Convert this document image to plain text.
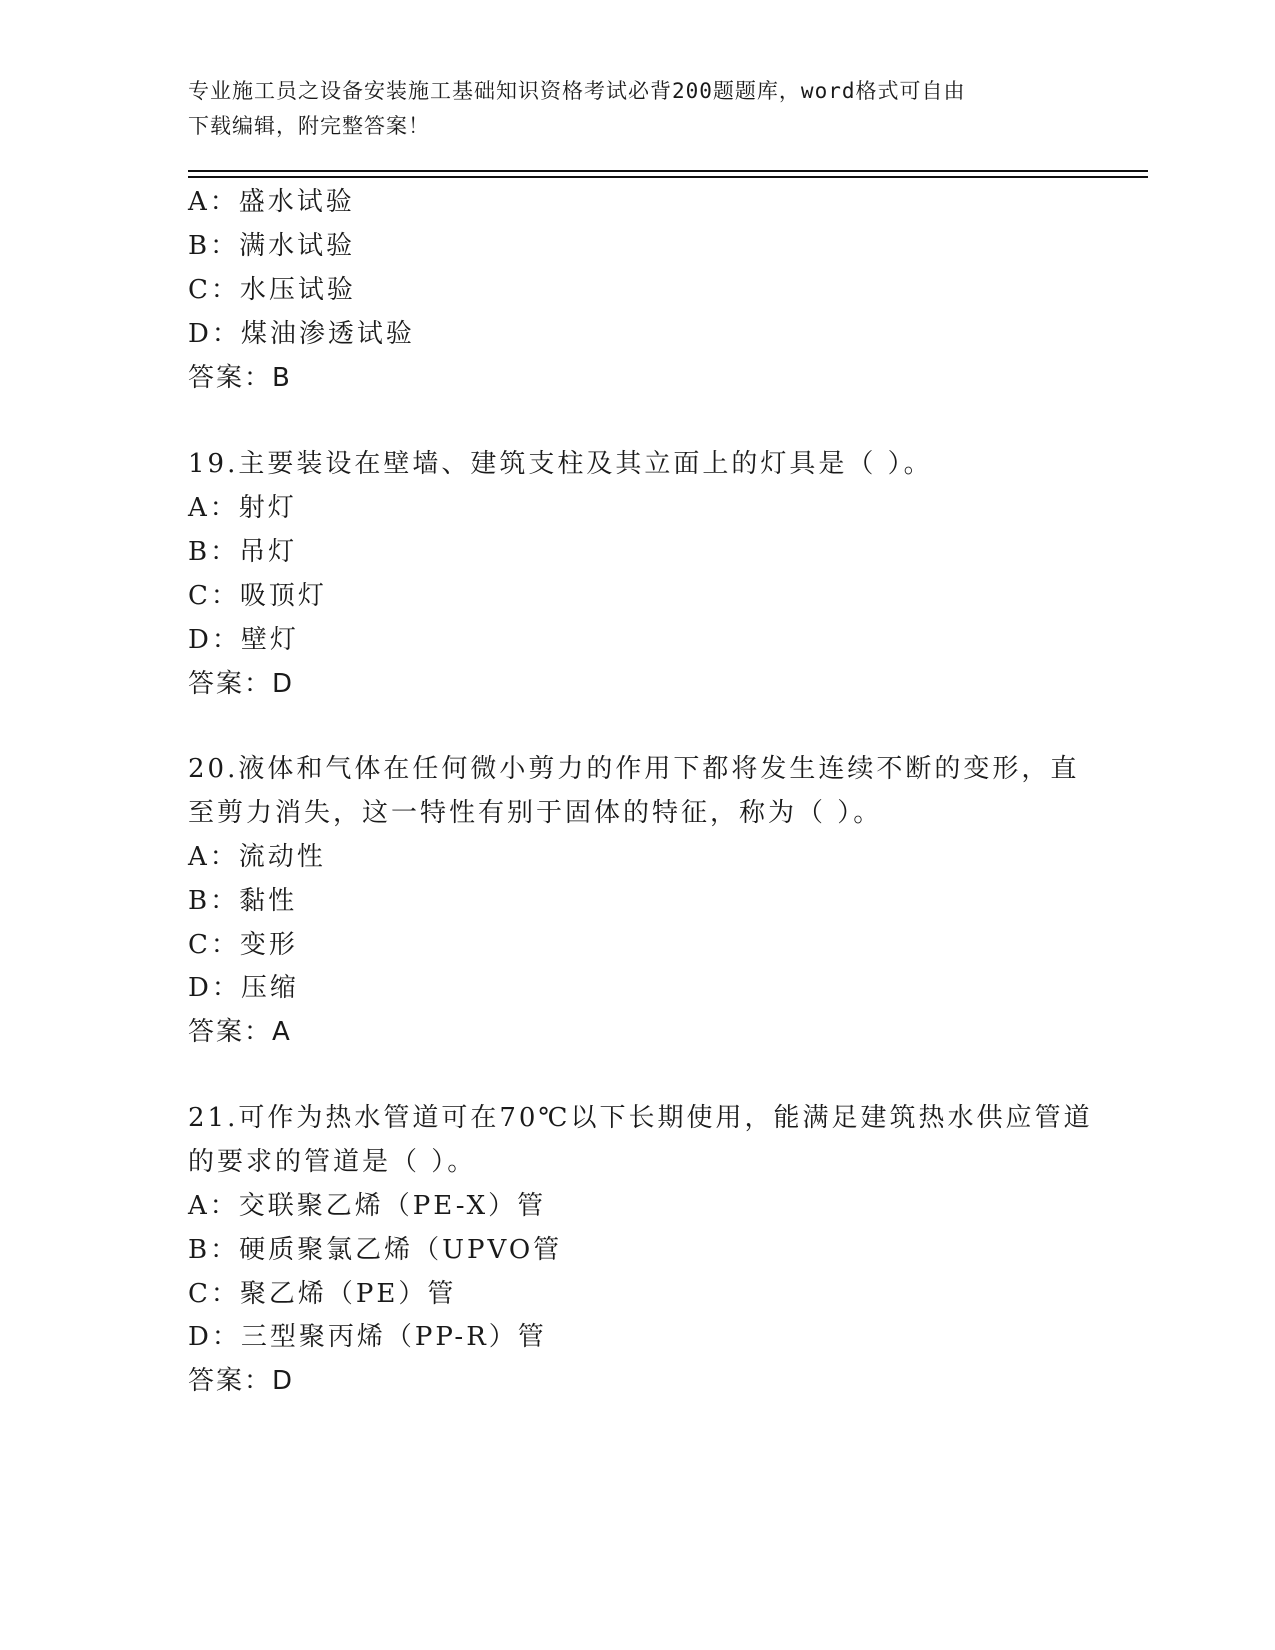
专业施工员之设备安装施工基础知识资格考试必背200题题库，word格式可自由
下载编辑，附完整答案！
A：盛水试验
B：满水试验
C：水压试验
D：煤油渗透试验
答案：B
19.主要装设在壁墙、建筑支柱及其立面上的灯具是（ ）。
A：射灯
B：吊灯
C：吸顶灯
D：壁灯
答案：D
20.液体和气体在任何微小剪力的作用下都将发生连续不断的变形，直
至剪力消失，这一特性有别于固体的特征，称为（ ）。
A：流动性
B：黏性
C：变形
D：压缩
答案：A
21.可作为热水管道可在70℃以下长期使用，能满足建筑热水供应管道
的要求的管道是（ ）。
A：交联聚乙烯（PE-X）管
B：硬质聚氯乙烯（UPVO管
C：聚乙烯（PE）管
D：三型聚丙烯（PP-R）管
答案：D
